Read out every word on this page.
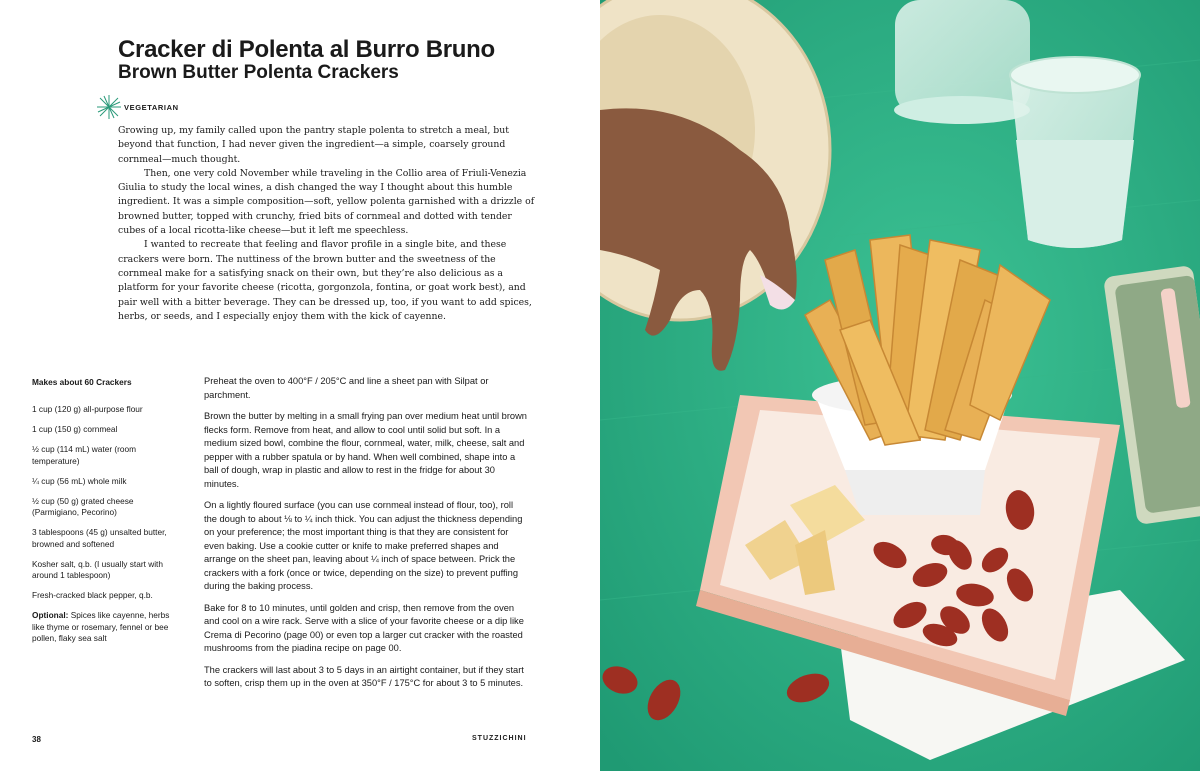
Cracker di Polenta al Burro Bruno
Brown Butter Polenta Crackers
VEGETARIAN

Growing up, my family called upon the pantry staple polenta to stretch a meal, but beyond that function, I had never given the ingredient—a simple, coarsely ground cornmeal—much thought.

Then, one very cold November while traveling in the Collio area of Friuli-Venezia Giulia to study the local wines, a dish changed the way I thought about this humble ingredient. It was a simple composition—soft, yellow polenta garnished with a drizzle of browned butter, topped with crunchy, fried bits of cornmeal and dotted with tender cubes of a local ricotta-like cheese—but it left me speechless.

I wanted to recreate that feeling and flavor profile in a single bite, and these crackers were born. The nuttiness of the brown butter and the sweetness of the cornmeal make for a satisfying snack on their own, but they’re also delicious as a platform for your favorite cheese (ricotta, gorgonzola, fontina, or goat work best), and pair well with a bitter beverage. They can be dressed up, too, if you want to add spices, herbs, or seeds, and I especially enjoy them with the kick of cayenne.

Makes about 60 Crackers
1 cup (120 g) all-purpose flour
1 cup (150 g) cornmeal
½ cup (114 mL) water (room temperature)
¼ cup (56 mL) whole milk
½ cup (50 g) grated cheese (Parmigiano, Pecorino)
3 tablespoons (45 g) unsalted butter, browned and softened
Kosher salt, q.b. (I usually start with around 1 tablespoon)
Fresh-cracked black pepper, q.b.
Optional: Spices like cayenne, herbs like thyme or rosemary, fennel or bee pollen, flaky sea salt

Preheat the oven to 400°F / 205°C and line a sheet pan with Silpat or parchment.

Brown the butter by melting in a small frying pan over medium heat until brown flecks form. Remove from heat, and allow to cool until solid but soft. In a medium sized bowl, combine the flour, cornmeal, water, milk, cheese, salt and pepper with a rubber spatula or by hand. When well combined, shape into a ball of dough, wrap in plastic and allow to rest in the fridge for about 30 minutes.

On a lightly floured surface (you can use cornmeal instead of flour, too), roll the dough to about ⅛ to ¼ inch thick. You can adjust the thickness depending on your preference; the most important thing is that they are consistent for even baking. Use a cookie cutter or knife to make preferred shapes and arrange on the sheet pan, leaving about ¼ inch of space between. Prick the crackers with a fork (once or twice, depending on the size) to prevent puffing during the baking process.

Bake for 8 to 10 minutes, until golden and crisp, then remove from the oven and cool on a wire rack. Serve with a slice of your favorite cheese or a dip like Crema di Pecorino (page 00) or even top a larger cut cracker with the roasted mushrooms from the piadina recipe on page 00.

The crackers will last about 3 to 5 days in an airtight container, but if they start to soften, crisp them up in the oven at 350°F / 175°C for about 3 to 5 minutes.

38	STUZZICHINI
